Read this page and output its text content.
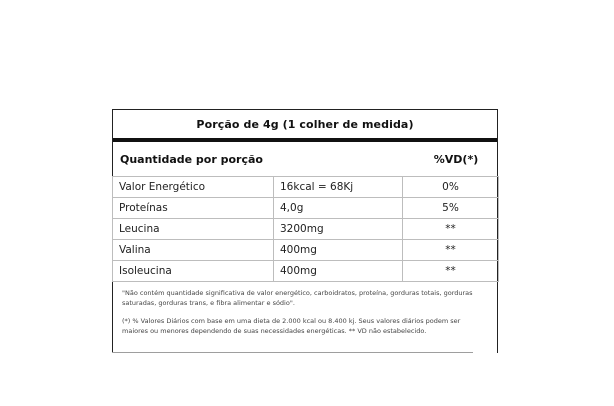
Porção de 4g (1 colher de medida)
Quantidade por porção	%VD(*)
Valor Energético	16kcal = 68Kj	0%
Proteínas	4,0g	5%
Leucina	3200mg	**
Valina	400mg	**
Isoleucina	400mg	**

"Não contém quantidade significativa de valor energético, carboidratos, proteína, gorduras totais, gorduras saturadas, gorduras trans, e fibra alimentar e sódio".

(*) % Valores Diários com base em uma dieta de 2.000 kcal ou 8.400 kj. Seus valores diários podem ser maiores ou menores dependendo de suas necessidades energéticas. ** VD não estabelecido.
